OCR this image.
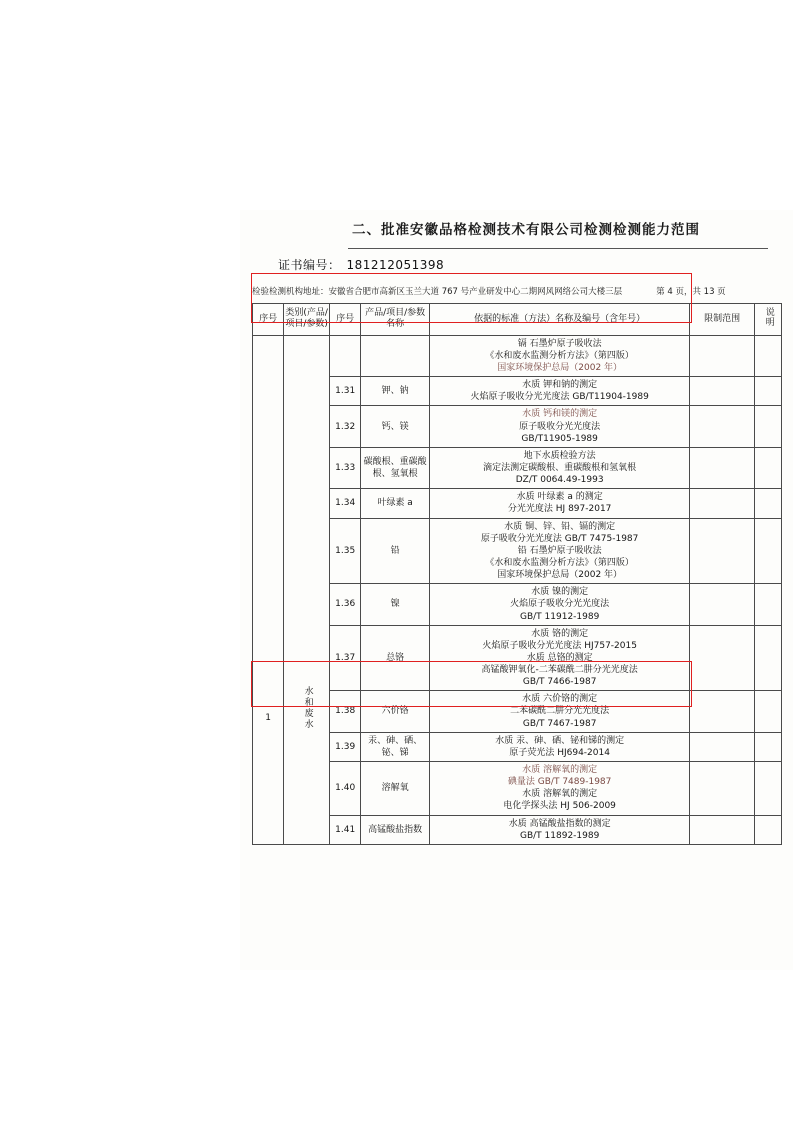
二、批准安徽品格检测技术有限公司检测检测能力范围
证书编号： 181212051398
检验检测机构地址：安徽省合肥市高新区玉兰大道 767 号产业研发中心二期网风网络公司大楼三层	第 4 页，共 13 页
序号	类别(产品/项目/参数)	序号	产品/项目/参数名称	依据的标准（方法）名称及编号（含年号）	限制范围	说明
1	水和废水			镉 石墨炉原子吸收法
《水和废水监测分析方法》（第四版）
国家环境保护总局（2002 年）		

		1.31	钾、钠	水质 钾和钠的测定
火焰原子吸收分光光度法 GB/T11904-1989		

		1.32	钙、镁	水质 钙和镁的测定
原子吸收分光光度法
GB/T11905-1989		

		1.33	碳酸根、重碳酸根、氢氧根	地下水质检验方法
滴定法测定碳酸根、重碳酸根和氢氧根
DZ/T 0064.49-1993		

		1.34	叶绿素 a	水质 叶绿素 a 的测定
分光光度法 HJ 897-2017		

		1.35	铅	水质 铜、锌、铅、镉的测定
原子吸收分光光度法 GB/T 7475-1987
铅 石墨炉原子吸收法
《水和废水监测分析方法》（第四版）
国家环境保护总局（2002 年）		

		1.36	镍	水质 镍的测定
火焰原子吸收分光光度法
GB/T 11912-1989		

		1.37	总铬	水质 铬的测定
火焰原子吸收分光光度法 HJ757-2015
水质 总铬的测定
高锰酸钾氧化-二苯碳酰二肼分光光度法
GB/T 7466-1987		

		1.38	六价铬	水质 六价铬的测定
二苯碳酰二肼分光光度法
GB/T 7467-1987		

		1.39	汞、砷、硒、铋、锑	水质 汞、砷、硒、铋和锑的测定
原子荧光法 HJ694-2014		

		1.40	溶解氧	水质 溶解氧的测定
碘量法 GB/T 7489-1987
水质 溶解氧的测定
电化学探头法 HJ 506-2009		

		1.41	高锰酸盐指数	水质 高锰酸盐指数的测定
GB/T 11892-1989		
